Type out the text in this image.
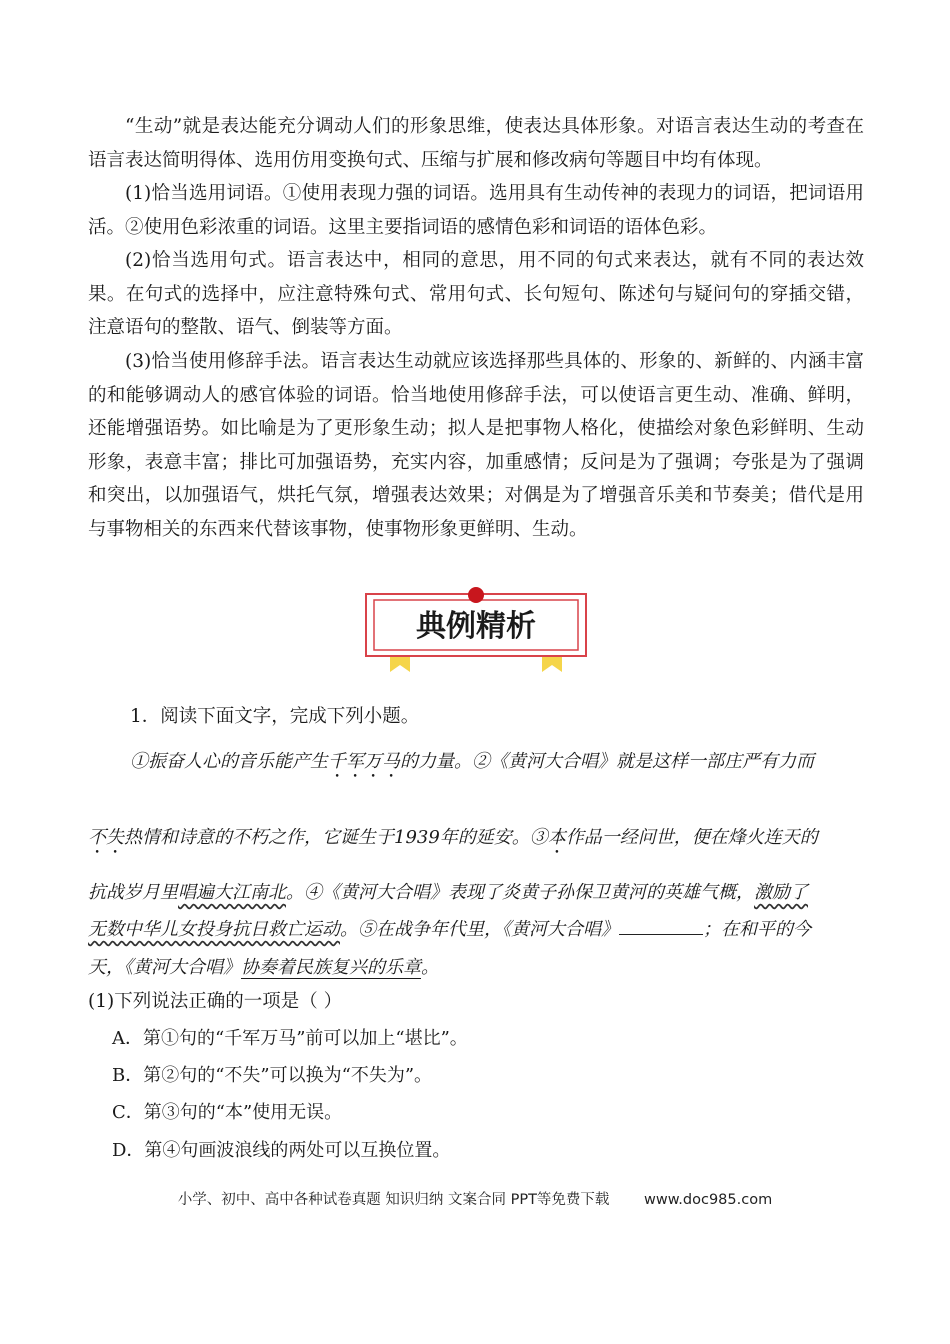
“生动”就是表达能充分调动人们的形象思维，使表达具体形象。对语言表达生动的考查在语言表达简明得体、选用仿用变换句式、压缩与扩展和修改病句等题目中均有体现。

(1)恰当选用词语。①使用表现力强的词语。选用具有生动传神的表现力的词语，把词语用活。②使用色彩浓重的词语。这里主要指词语的感情色彩和词语的语体色彩。

(2)恰当选用句式。语言表达中，相同的意思，用不同的句式来表达，就有不同的表达效果。在句式的选择中，应注意特殊句式、常用句式、长句短句、陈述句与疑问句的穿插交错，注意语句的整散、语气、倒装等方面。

(3)恰当使用修辞手法。语言表达生动就应该选择那些具体的、形象的、新鲜的、内涵丰富的和能够调动人的感官体验的词语。恰当地使用修辞手法，可以使语言更生动、准确、鲜明，还能增强语势。如比喻是为了更形象生动；拟人是把事物人格化，使描绘对象色彩鲜明、生动形象，表意丰富；排比可加强语势，充实内容，加重感情；反问是为了强调；夸张是为了强调和突出，以加强语气，烘托气氛，增强表达效果；对偶是为了增强音乐美和节奏美；借代是用与事物相关的东西来代替该事物，使事物形象更鲜明、生动。

典例精析

1．阅读下面文字，完成下列小题。

①振奋人心的音乐能产生千军万马的力量。②《黄河大合唱》就是这样一部庄严有力而

不失热情和诗意的不朽之作，它诞生于1939年的延安。③本作品一经问世，便在烽火连天的

抗战岁月里唱遍大江南北。④《黄河大合唱》表现了炎黄子孙保卫黄河的英雄气概，激励了

无数中华儿女投身抗日救亡运动。⑤在战争年代里，《黄河大合唱》	；在和平的今

天，《黄河大合唱》协奏着民族复兴的乐章。

(1)下列说法正确的一项是（ ）

A．第①句的“千军万马”前可以加上“堪比”。

B．第②句的“不失”可以换为“不失为”。

C．第③句的“本”使用无误。

D．第④句画波浪线的两处可以互换位置。

小学、初中、高中各种试卷真题 知识归纳 文案合同 PPT等免费下载 www.doc985.com
